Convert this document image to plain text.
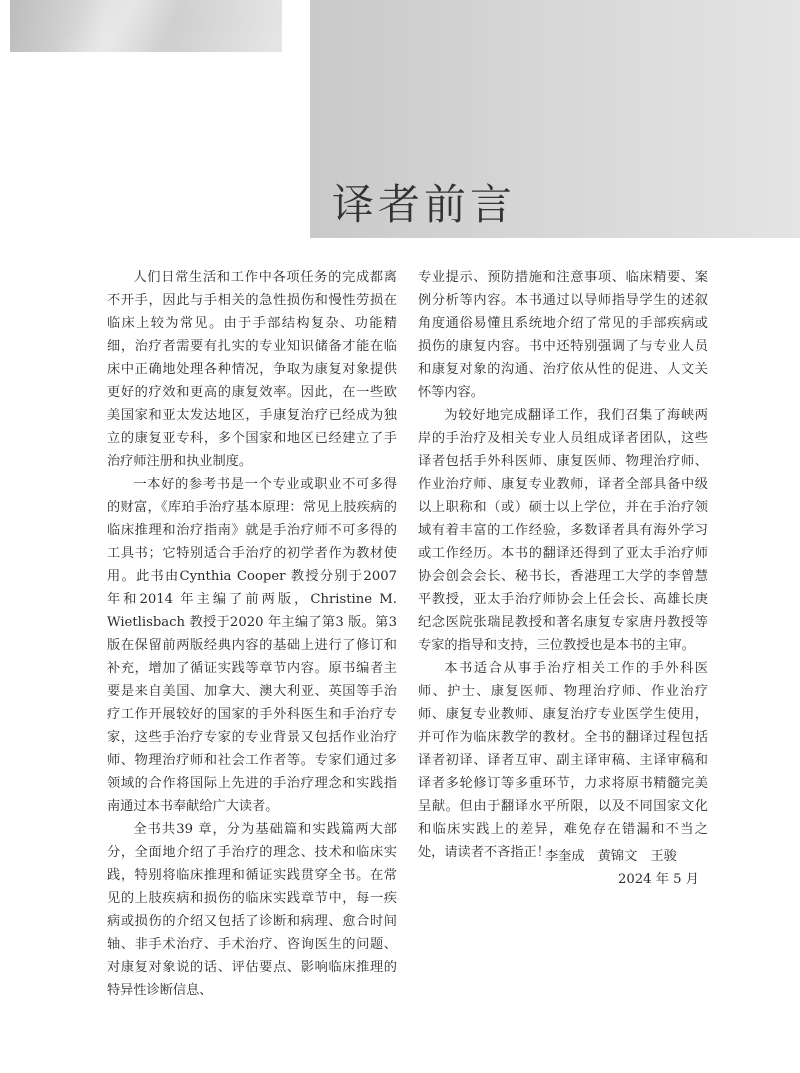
译者前言

人们日常生活和工作中各项任务的完成都离不开手，因此与手相关的急性损伤和慢性劳损在临床上较为常见。由于手部结构复杂、功能精细，治疗者需要有扎实的专业知识储备才能在临床中正确地处理各种情况，争取为康复对象提供更好的疗效和更高的康复效率。因此，在一些欧美国家和亚太发达地区，手康复治疗已经成为独立的康复亚专科，多个国家和地区已经建立了手治疗师注册和执业制度。

一本好的参考书是一个专业或职业不可多得的财富，《库珀手治疗基本原理：常见上肢疾病的临床推理和治疗指南》就是手治疗师不可多得的工具书；它特别适合手治疗的初学者作为教材使用。此书由Cynthia Cooper 教授分别于2007 年和2014 年主编了前两版，Christine M. Wietlisbach 教授于2020 年主编了第3 版。第3 版在保留前两版经典内容的基础上进行了修订和补充，增加了循证实践等章节内容。原书编者主要是来自美国、加拿大、澳大利亚、英国等手治疗工作开展较好的国家的手外科医生和手治疗专家，这些手治疗专家的专业背景又包括作业治疗师、物理治疗师和社会工作者等。专家们通过多领域的合作将国际上先进的手治疗理念和实践指南通过本书奉献给广大读者。

全书共39 章，分为基础篇和实践篇两大部分，全面地介绍了手治疗的理念、技术和临床实践，特别将临床推理和循证实践贯穿全书。在常见的上肢疾病和损伤的临床实践章节中，每一疾病或损伤的介绍又包括了诊断和病理、愈合时间轴、非手术治疗、手术治疗、咨询医生的问题、对康复对象说的话、评估要点、影响临床推理的特异性诊断信息、

专业提示、预防措施和注意事项、临床精要、案例分析等内容。本书通过以导师指导学生的述叙角度通俗易懂且系统地介绍了常见的手部疾病或损伤的康复内容。书中还特别强调了与专业人员和康复对象的沟通、治疗依从性的促进、人文关怀等内容。

为较好地完成翻译工作，我们召集了海峡两岸的手治疗及相关专业人员组成译者团队，这些译者包括手外科医师、康复医师、物理治疗师、作业治疗师、康复专业教师，译者全部具备中级以上职称和（或）硕士以上学位，并在手治疗领域有着丰富的工作经验，多数译者具有海外学习或工作经历。本书的翻译还得到了亚太手治疗师协会创会会长、秘书长，香港理工大学的李曾慧平教授，亚太手治疗师协会上任会长、高雄长庚纪念医院张瑞昆教授和著名康复专家唐丹教授等专家的指导和支持，三位教授也是本书的主审。

本书适合从事手治疗相关工作的手外科医师、护士、康复医师、物理治疗师、作业治疗师、康复专业教师、康复治疗专业医学生使用，并可作为临床教学的教材。全书的翻译过程包括译者初译、译者互审、副主译审稿、主译审稿和译者多轮修订等多重环节，力求将原书精髓完美呈献。但由于翻译水平所限，以及不同国家文化和临床实践上的差异，难免存在错漏和不当之处，请读者不吝指正！

李奎成　黄锦文　王骏
2024 年 5 月
